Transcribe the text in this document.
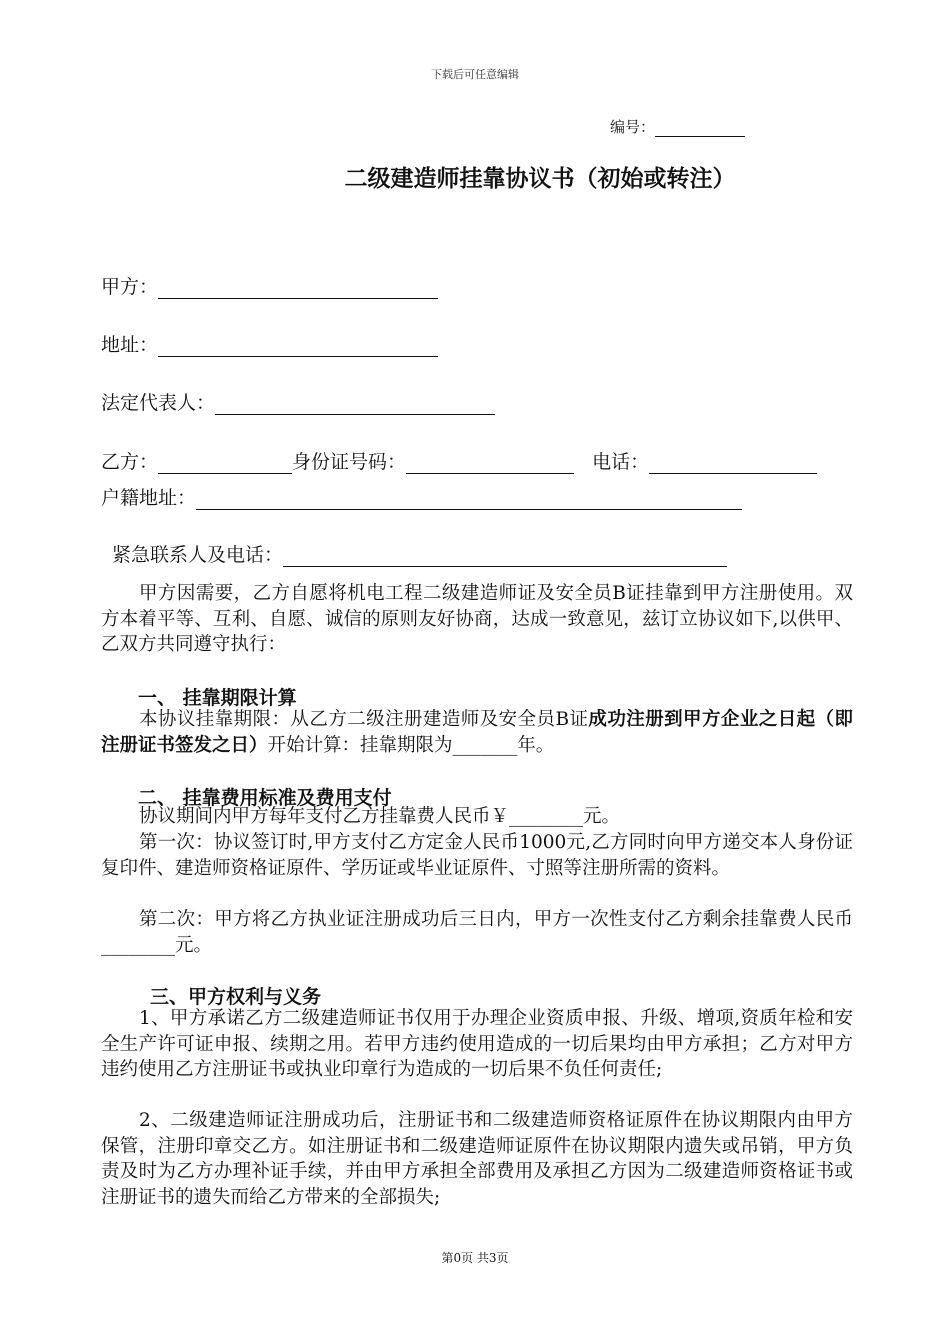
下载后可任意编辑
编号：
二级建造师挂靠协议书（初始或转注）
甲方：
地址：
法定代表人：
乙方：	身份证号码：	电话：
户籍地址：
紧急联系人及电话：
甲方因需要，乙方自愿将机电工程二级建造师证及安全员B证挂靠到甲方注册使用。双方本着平等、互利、自愿、诚信的原则友好协商，达成一致意见，兹订立协议如下,以供甲、乙双方共同遵守执行：
一、 挂靠期限计算
本协议挂靠期限：从乙方二级注册建造师及安全员B证成功注册到甲方企业之日起（即注册证书签发之日）开始计算：挂靠期限为_______年。
二、 挂靠费用标准及费用支付
协议期间内甲方每年支付乙方挂靠费人民币￥________元。
第一次：协议签订时,甲方支付乙方定金人民币1000元,乙方同时向甲方递交本人身份证复印件、建造师资格证原件、学历证或毕业证原件、寸照等注册所需的资料。
第二次：甲方将乙方执业证注册成功后三日内，甲方一次性支付乙方剩余挂靠费人民币________元。
三、甲方权利与义务
1、甲方承诺乙方二级建造师证书仅用于办理企业资质申报、升级、增项,资质年检和安全生产许可证申报、续期之用。若甲方违约使用造成的一切后果均由甲方承担；乙方对甲方违约使用乙方注册证书或执业印章行为造成的一切后果不负任何责任;
2、二级建造师证注册成功后，注册证书和二级建造师资格证原件在协议期限内由甲方保管，注册印章交乙方。如注册证书和二级建造师证原件在协议期限内遗失或吊销，甲方负责及时为乙方办理补证手续，并由甲方承担全部费用及承担乙方因为二级建造师资格证书或注册证书的遗失而给乙方带来的全部损失;
第0页 共3页
